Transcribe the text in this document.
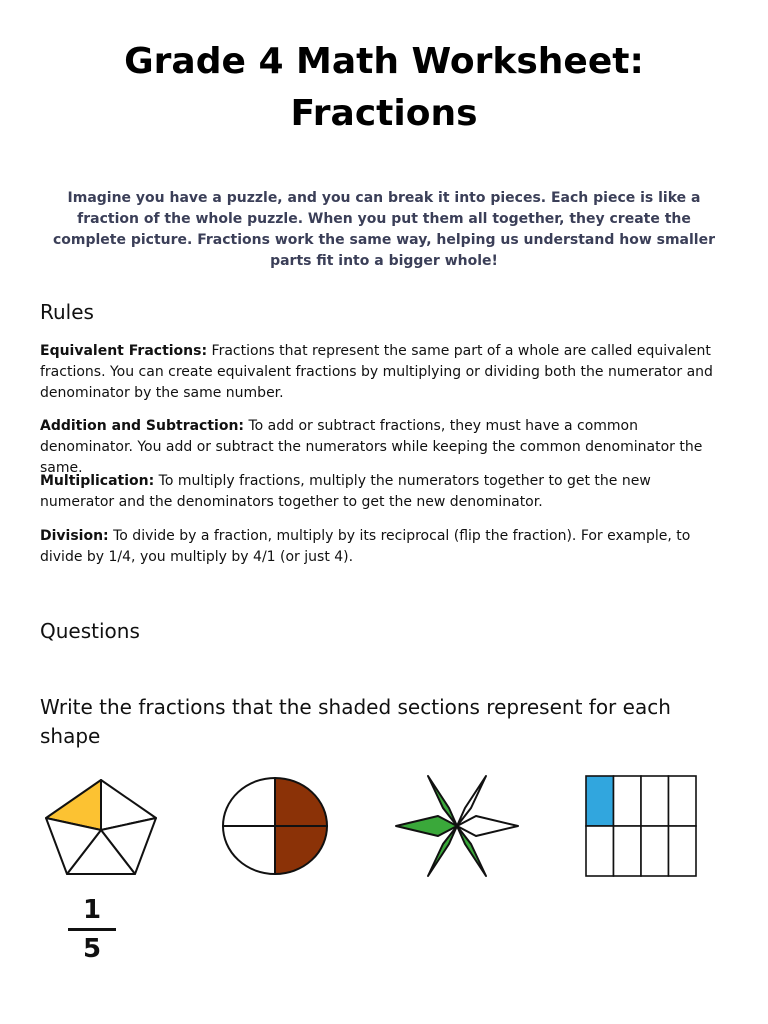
Grade 4 Math Worksheet:
Fractions
Imagine you have a puzzle, and you can break it into pieces. Each piece is like a fraction of the whole puzzle. When you put them all together, they create the complete picture. Fractions work the same way, helping us understand how smaller parts fit into a bigger whole!
Rules

Equivalent Fractions: Fractions that represent the same part of a whole are called equivalent fractions. You can create equivalent fractions by multiplying or dividing both the numerator and denominator by the same number.

Addition and Subtraction: To add or subtract fractions, they must have a common denominator. You add or subtract the numerators while keeping the common denominator the same.

Multiplication: To multiply fractions, multiply the numerators together to get the new numerator and the denominators together to get the new denominator.

Division: To divide by a fraction, multiply by its reciprocal (flip the fraction). For example, to divide by 1/4, you multiply by 4/1 (or just 4).

Questions
Write the fractions that the shaded sections represent for each shape
1
5
